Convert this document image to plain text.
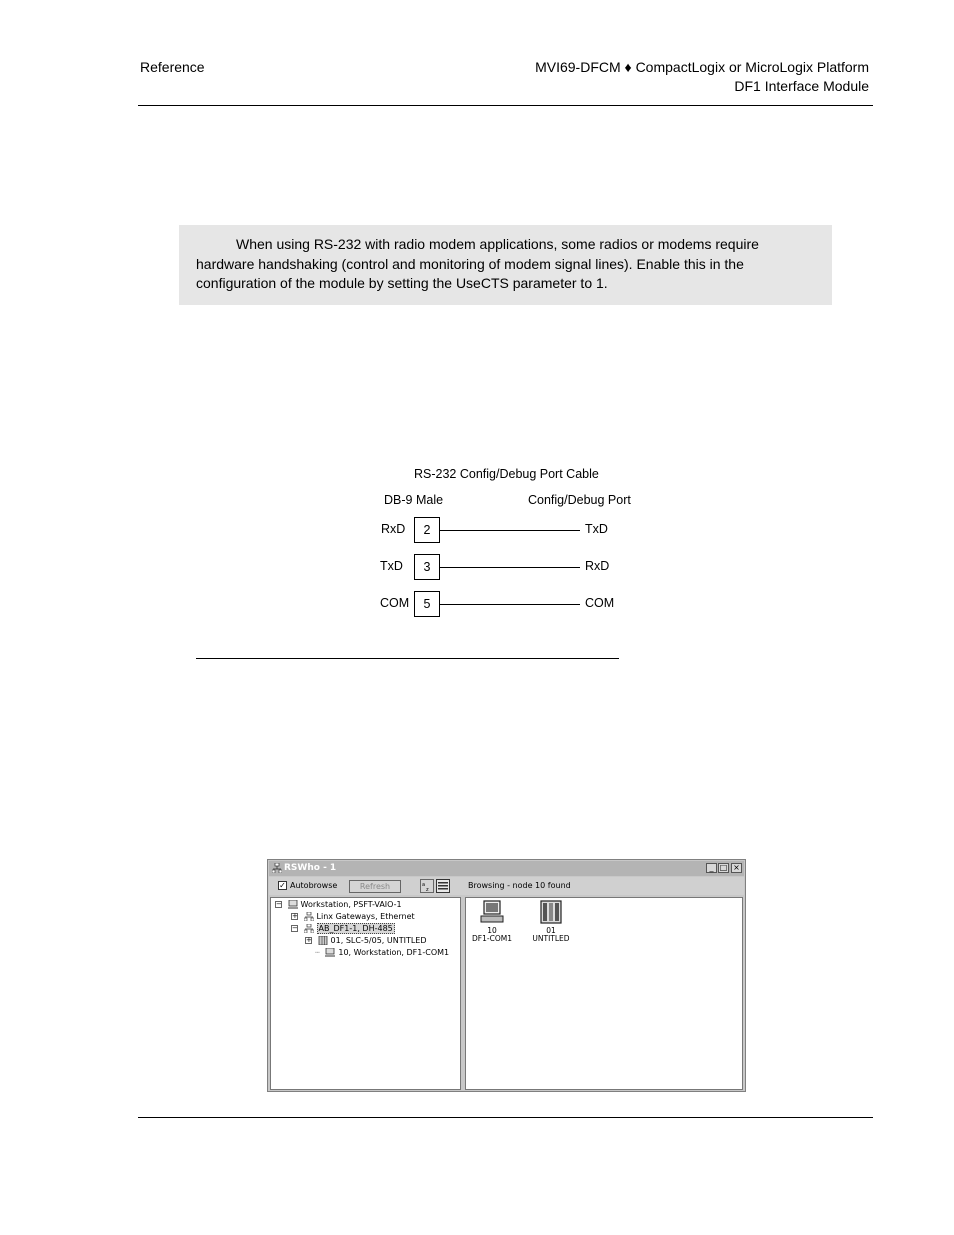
Reference	MVI69-DFCM ♦ CompactLogix or MicroLogix Platform
DF1 Interface Module

When using RS-232 with radio modem applications, some radios or modems require hardware handshaking (control and monitoring of modem signal lines). Enable this in the configuration of the module by setting the UseCTS parameter to 1.

RS-232 Config/Debug Port Cable
DB-9 Male	Config/Debug Port
RxD	2	TxD
TxD	3	RxD
COM	5	COM
RSWho - 1	_ □ ×
✓ Autobrowse	Refresh	a
z	Browsing - node 10 found
− Workstation, PSFT-VAIO-1
+ Linx Gateways, Ethernet
−	AB_DF1-1, DH-485
+ 01, SLC-5/05, UNTITLED
┄ 10, Workstation, DF1-COM1
10
DF1-COM1
01
UNTITLED
